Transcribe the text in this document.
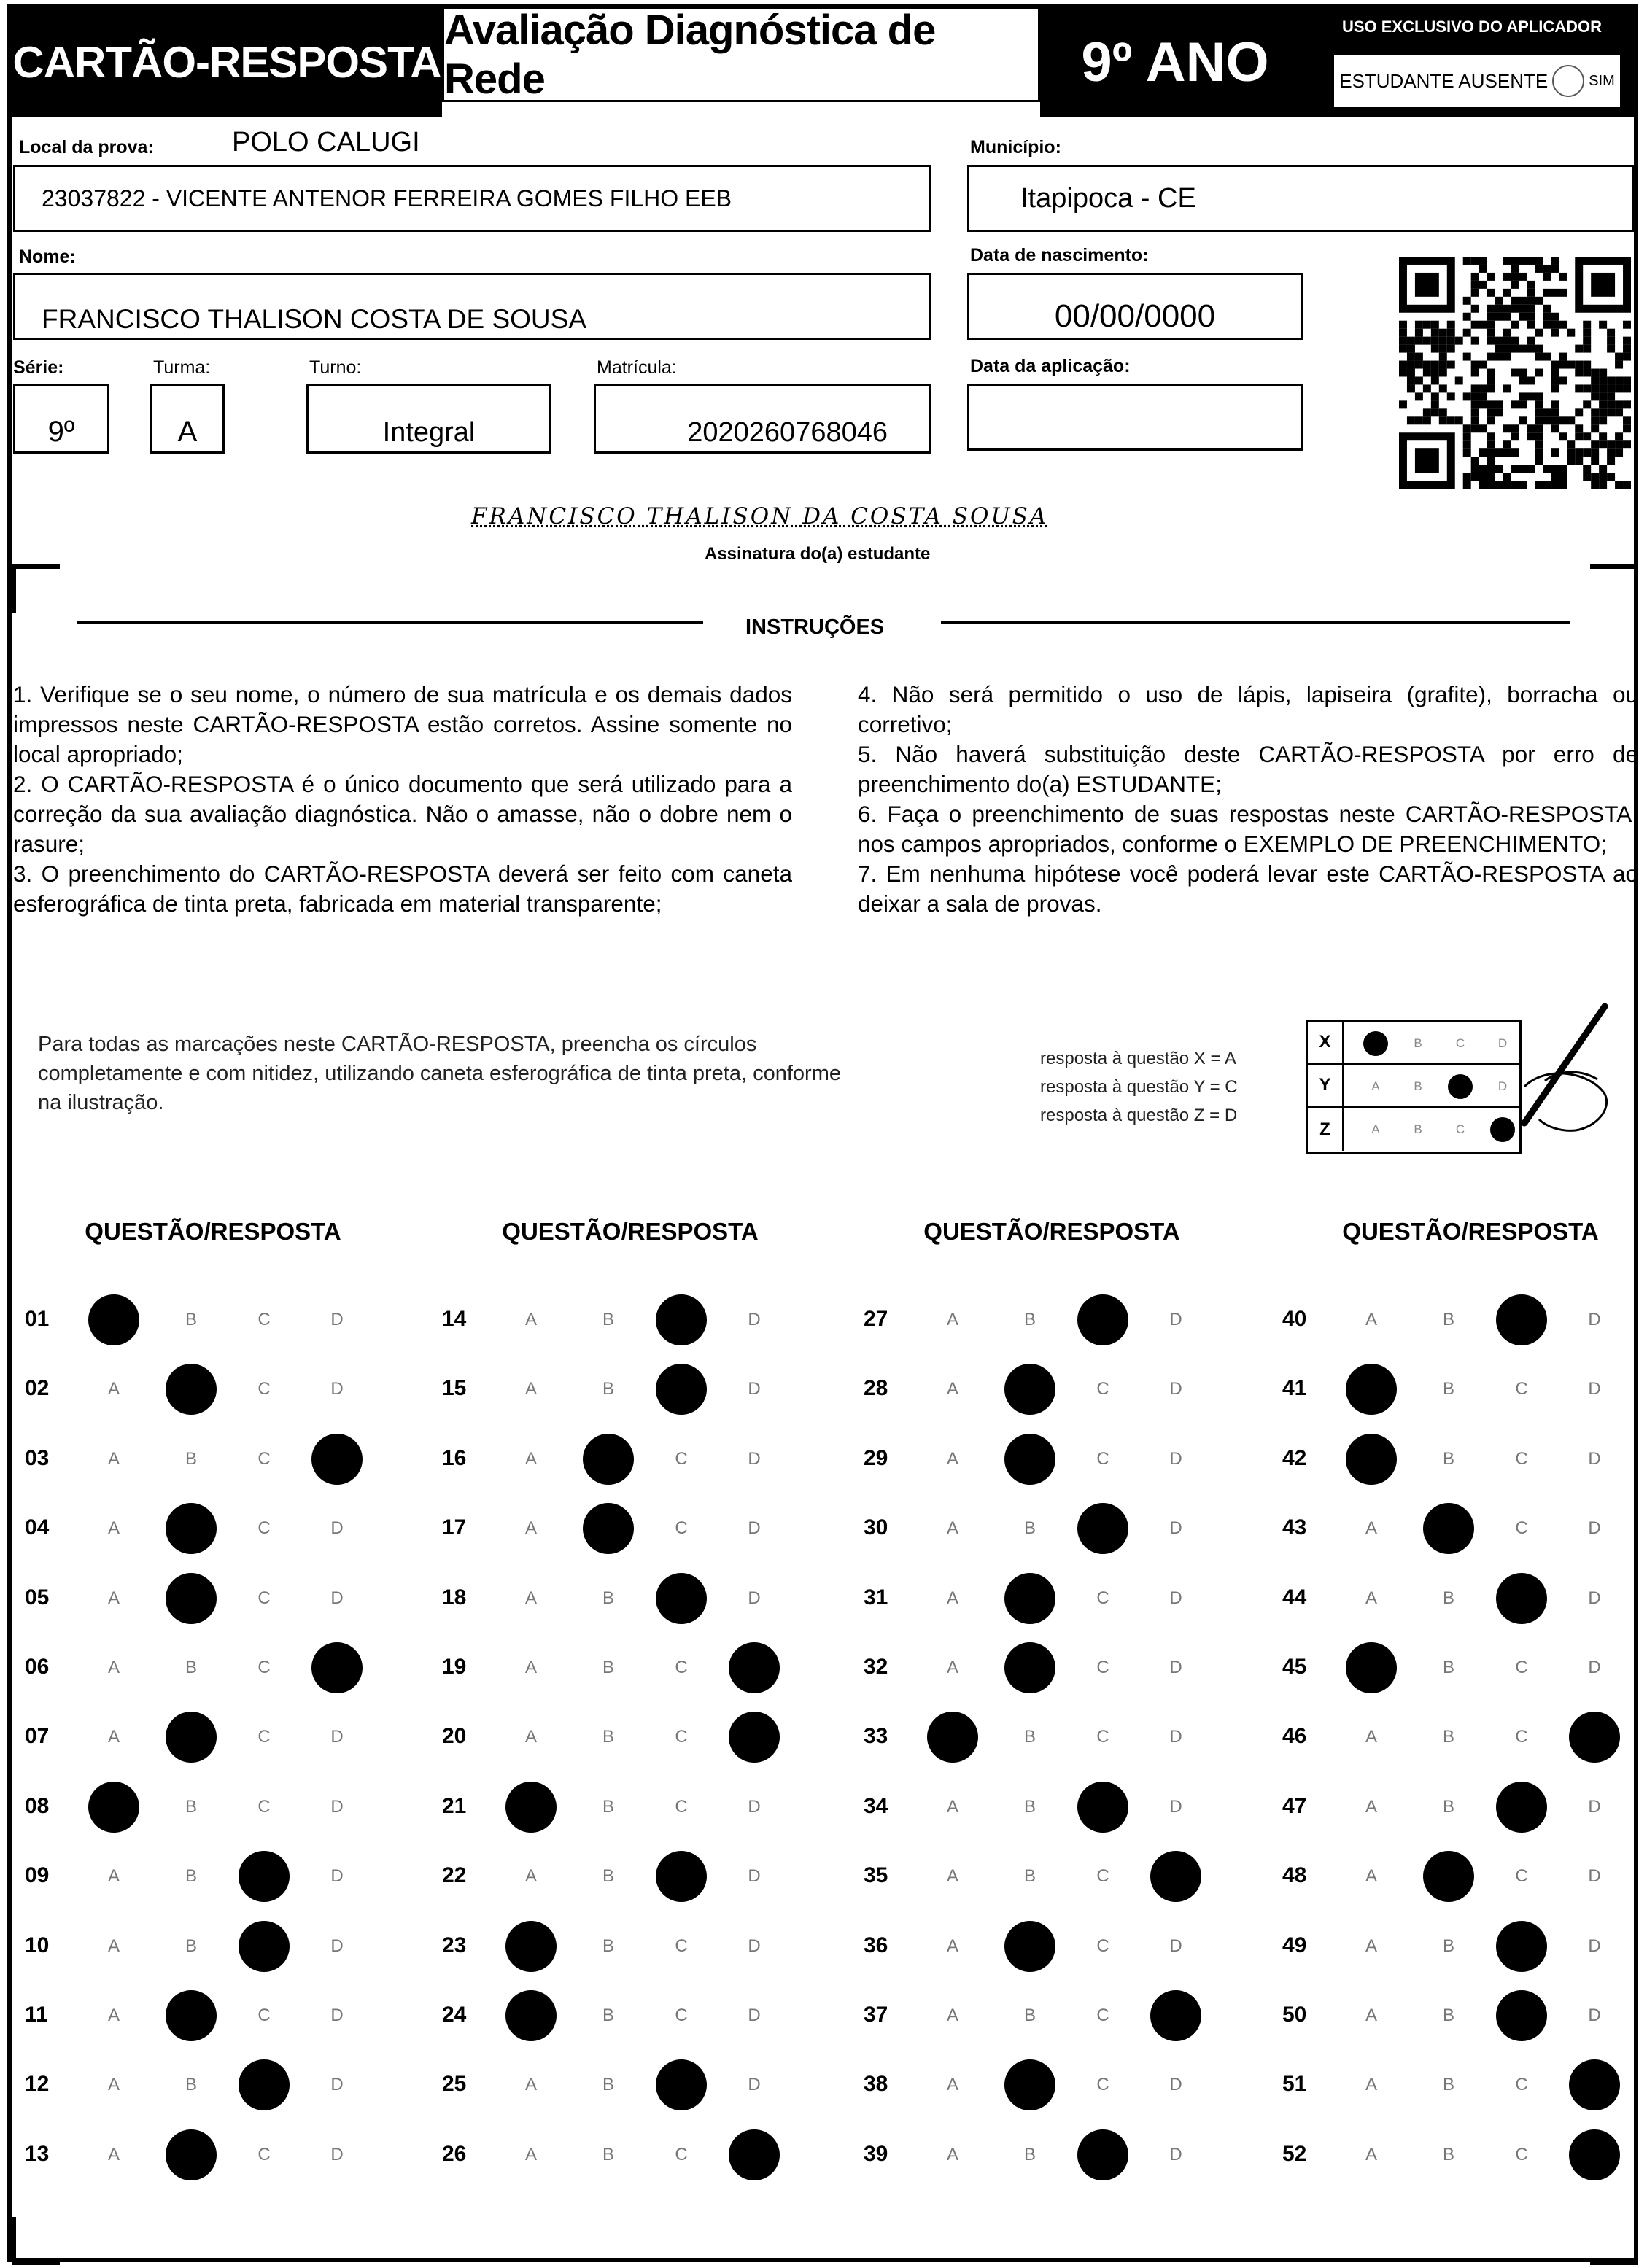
CARTÃO-RESPOSTA
Avaliação Diagnóstica de Rede	9º ANO
USO EXCLUSIVO DO APLICADOR
ESTUDANTE AUSENTE	SIM
Local da prova:	POLO CALUGI
23037822 - VICENTE ANTENOR FERREIRA GOMES FILHO EEB
Município:
Itapipoca - CE
Nome:
FRANCISCO THALISON COSTA DE SOUSA
Data de nascimento:
00/00/0000
Série:
9º
Turma:
A
Turno:
Integral
Matrícula:
2020260768046
Data da aplicação:
FRANCISCO THALISON DA COSTA SOUSA
Assinatura do(a) estudante
INSTRUÇÕES

1. Verifique se o seu nome, o número de sua matrícula e os demais dados impressos neste CARTÃO-RESPOSTA estão corretos. Assine somente no local apropriado;

2. O CARTÃO-RESPOSTA é o único documento que será utilizado para a correção da sua avaliação diagnóstica. Não o amasse, não o dobre nem o rasure;

3. O preenchimento do CARTÃO-RESPOSTA deverá ser feito com caneta esferográfica de tinta preta, fabricada em material transparente;

4. Não será permitido o uso de lápis, lapiseira (grafite), borracha ou corretivo;

5. Não haverá substituição deste CARTÃO-RESPOSTA por erro de preenchimento do(a) ESTUDANTE;

6. Faça o preenchimento de suas respostas neste CARTÃO-RESPOSTA, nos campos apropriados, conforme o EXEMPLO DE PREENCHIMENTO;

7. Em nenhuma hipótese você poderá levar este CARTÃO-RESPOSTA ao deixar a sala de provas.

Para todas as marcações neste CARTÃO-RESPOSTA, preencha os círculos completamente e com nitidez, utilizando caneta esferográfica de tinta preta, conforme na ilustração.
resposta à questão X = A
resposta à questão Y = C
resposta à questão Z = D
X	A	B	C	D
Y	A	B	C	D
Z	A	B	C	D
QUESTÃO/RESPOSTA	QUESTÃO/RESPOSTA	QUESTÃO/RESPOSTA	QUESTÃO/RESPOSTA
01	A	B	C	D
02	A	B	C	D
03	A	B	C	D
04	A	B	C	D
05	A	B	C	D
06	A	B	C	D
07	A	B	C	D
08	A	B	C	D
09	A	B	C	D
10	A	B	C	D
11	A	B	C	D
12	A	B	C	D
13	A	B	C	D
14	A	B	C	D
15	A	B	C	D
16	A	B	C	D
17	A	B	C	D
18	A	B	C	D
19	A	B	C	D
20	A	B	C	D
21	A	B	C	D
22	A	B	C	D
23	A	B	C	D
24	A	B	C	D
25	A	B	C	D
26	A	B	C	D
27	A	B	C	D
28	A	B	C	D
29	A	B	C	D
30	A	B	C	D
31	A	B	C	D
32	A	B	C	D
33	A	B	C	D
34	A	B	C	D
35	A	B	C	D
36	A	B	C	D
37	A	B	C	D
38	A	B	C	D
39	A	B	C	D
40	A	B	C	D
41	A	B	C	D
42	A	B	C	D
43	A	B	C	D
44	A	B	C	D
45	A	B	C	D
46	A	B	C	D
47	A	B	C	D
48	A	B	C	D
49	A	B	C	D
50	A	B	C	D
51	A	B	C	D
52	A	B	C	D
